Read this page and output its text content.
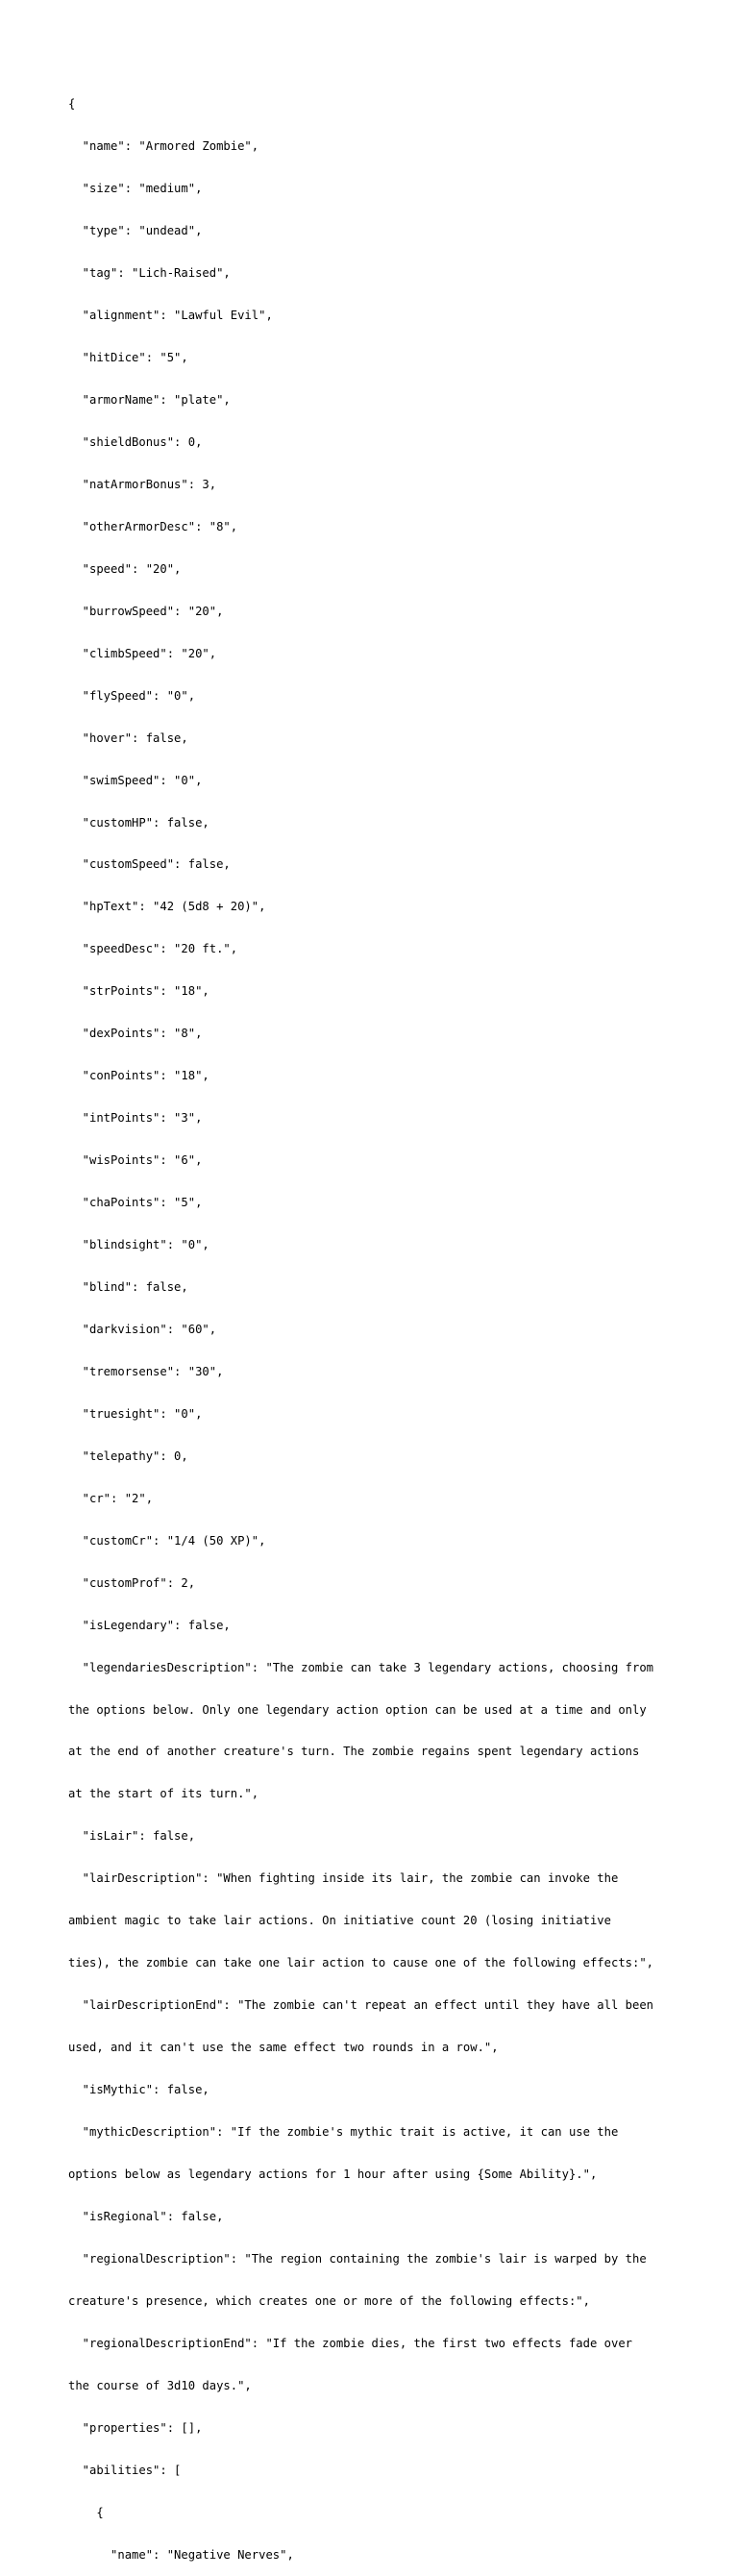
{

"name": "Armored Zombie",

"size": "medium",

"type": "undead",

"tag": "Lich-Raised",

"alignment": "Lawful Evil",

"hitDice": "5",

"armorName": "plate",

"shieldBonus": 0,

"natArmorBonus": 3,

"otherArmorDesc": "8",

"speed": "20",

"burrowSpeed": "20",

"climbSpeed": "20",

"flySpeed": "0",

"hover": false,

"swimSpeed": "0",

"customHP": false,

"customSpeed": false,

"hpText": "42 (5d8 + 20)",

"speedDesc": "20 ft.",

"strPoints": "18",

"dexPoints": "8",

"conPoints": "18",

"intPoints": "3",

"wisPoints": "6",

"chaPoints": "5",

"blindsight": "0",

"blind": false,

"darkvision": "60",

"tremorsense": "30",

"truesight": "0",

"telepathy": 0,

"cr": "2",

"customCr": "1/4 (50 XP)",

"customProf": 2,

"isLegendary": false,

"legendariesDescription": "The zombie can take 3 legendary actions, choosing from

the options below. Only one legendary action option can be used at a time and only

at the end of another creature's turn. The zombie regains spent legendary actions

at the start of its turn.",

"isLair": false,

"lairDescription": "When fighting inside its lair, the zombie can invoke the

ambient magic to take lair actions. On initiative count 20 (losing initiative

ties), the zombie can take one lair action to cause one of the following effects:",

"lairDescriptionEnd": "The zombie can't repeat an effect until they have all been

used, and it can't use the same effect two rounds in a row.",

"isMythic": false,

"mythicDescription": "If the zombie's mythic trait is active, it can use the

options below as legendary actions for 1 hour after using {Some Ability}.",

"isRegional": false,

"regionalDescription": "The region containing the zombie's lair is warped by the

creature's presence, which creates one or more of the following effects:",

"regionalDescriptionEnd": "If the zombie dies, the first two effects fade over

the course of 3d10 days.",

"properties": [],

"abilities": [

{

"name": "Negative Nerves",
